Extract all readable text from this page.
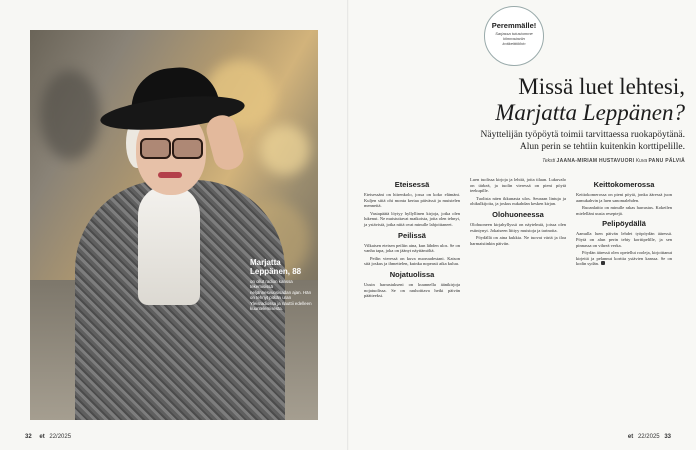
Marjatta
Leppänen, 88
on ollut radion kanssa tekemisissä neljännesvuosisadan ajan. Hän on tehnyt pitkän uran Yleisradiossa ja nauttii edelleen kuuntelemisesta.
32 et 22/2025
Peremmälle!
Sarjassa tutustumme kiinnostaviin kotikeittiöihin
Missä luet lehtesi,
Marjatta Leppänen?
Näyttelijän työpöytä toimii tarvittaessa ruokapöytänä.
Alun perin se tehtiin kuitenkin korttipelille.
Teksti JAANA-MIRIAM HUSTAVUORI Kuva PANU PÄLVIÄ
Eteisessä

Eteisessäni on hiirenkolo, jossa on koko elämäni. Kuljen siitä ohi monta kertaa päivässä ja muistelen menneitä.

Vastapäätä löytyy hyllyllinen kirjoja, jotka olen lukenut. Ne muistuttavat matkoista, joita olen tehnyt, ja ystävistä, jotka niitä ovat minulle lahjoittaneet.

Peilissä

Vilkaisen eteisen peiliin aina, kun lähden ulos. Se on vanha tapa, joka on jäänyt näyttämöltä.

Peilin vieressä on kuva nuoruudestani. Katson sitä joskus ja ihmettelen, kuinka nopeasti aika kuluu.

Nojatuolissa

Uusin harrastukseni on kuunnella äänikirjoja nojatuolissa. Se on rauhoittava hetki päivän päätteeksi.

Luen tuolissa kirjoja ja lehtiä, joita tilaan. Lukuvalo on tärkeä, ja tuolin vieressä on pieni pöytä teekupille.

Tuolista näen ikkunasta ulos. Seuraan lintuja ja ohikulkijoita, ja joskus nukahdan kesken kirjan.

Olohuoneessa

Olohuoneen kirjahyllyssä on näytelmiä, joissa olen esiintynyt. Jokaiseen liittyy muistoja ja tarinoita.

Pöydällä on aina kukkia. Ne tuovat väriä ja iloa harmaisiinkin päiviin.

Keittokomerossa

Keittokomerossa on pieni pöytä, jonka ääressä juon aamukahvin ja luen sanomalehden.

Ruoanlaitto on minulle rakas harrastus. Kokeilen mielelläni uusia reseptejä.

Pelipöydällä

Aamulla luen päivän lehdet työpöydän ääressä. Pöytä on alun perin tehty korttipelille, ja sen pinnassa on vihreä verka.

Pöydän ääressä olen opetellut rooleja, kirjoittanut kirjeitä ja pelannut korttia ystävien kanssa. Se on kodin sydän.

et 22/2025 33
